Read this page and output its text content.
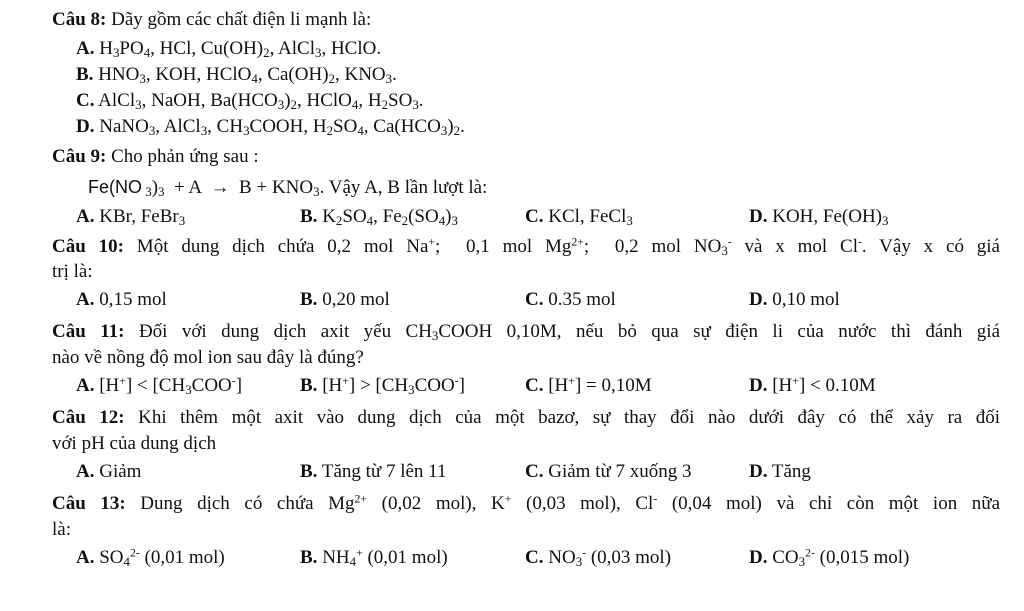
Câu 8: Dãy gồm các chất điện li mạnh là:
A. $H_3PO_4$, HCl, $Cu(OH)_2$, AlCl$_3$, HClO.
B. $HNO_3$, KOH, HClO$_4$, $Ca(OH)_2$, $KNO_3$.
C. AlCl$_3$, NaOH, $Ba(HCO_3)_2$, HClO$_4$, $H_2SO_3$.
D. NaNO$_3$, AlCl$_3$, $CH_3COOH$, $H_2SO_4$, $Ca(HCO_3)_2$.
Câu 9: Cho phản ứng sau :
Fe(NO $_3)_3 + A \to B + KNO_3$. Vậy A, B lần lượt là:
A. KBr, FeBr$_3$	B. $K_2SO_4$, $Fe_2(SO_4)_3$	C. KCl, FeCl$_3$	D. KOH, $Fe(OH)_3$
Câu 10: Một dung dịch chứa 0,2 mol Na+;  0,1 mol $Mg^{2+}$;  0,2 mol $NO_3^-$ và x mol Cl-. Vậy x có giá
trị là:
A. 0,15 mol	B. 0,20 mol	C. 0.35 mol	D. 0,10 mol
Câu 11: Đối với dung dịch axit yếu $CH_3COOH$ 0,10M, nếu bỏ qua sự điện li của nước thì đánh giá
nào về nồng độ mol ion sau đây là đúng?
A. $[H^+] < [CH_3COO^-]$	B. $[H^+] > [CH_3COO^-]$	C. [H+] = 0,10M	D. [H+] < 0.10M
Câu 12: Khi thêm một axit vào dung dịch của một bazơ, sự thay đổi nào dưới đây có thể xảy ra đối
với pH của dung dịch
A. Giảm	B. Tăng từ 7 lên 11	C. Giảm từ 7 xuống 3	D. Tăng
Câu 13: Dung dịch có chứa $Mg^{2+}$ (0,02 mol), K+ (0,03 mol), Cl- (0,04 mol) và chỉ còn một ion nữa
là:
A. $SO_4^{2-}$ (0,01 mol)	B. $NH_4^+$ (0,01 mol)	C. $NO_3^-$ (0,03 mol)	D. $CO_3^{2-}$ (0,015 mol)
